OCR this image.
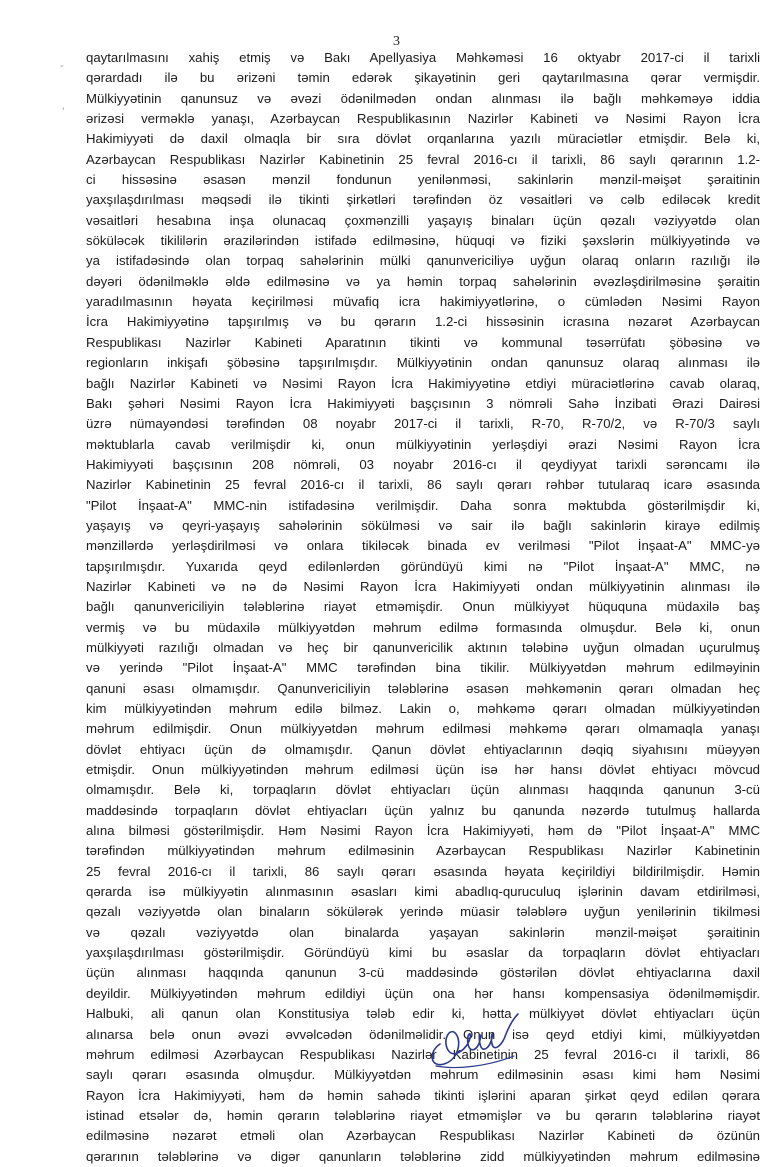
3
-
’
qaytarılmasını xahiş etmiş və Bakı Apellyasiya Məhkəməsi 16 oktyabr 2017-ci il tarixli
qərardadı ilə bu ərizəni təmin edərək şikayətinin geri qaytarılmasına qərar vermişdir.
Mülkiyyətinin qanunsuz və əvəzi ödənilmədən ondan alınması ilə bağlı məhkəməyə iddia
ərizəsi verməklə yanaşı, Azərbaycan Respublikasının Nazirlər Kabineti və Nəsimi Rayon İcra
Hakimiyyəti də daxil olmaqla bir sıra dövlət orqanlarına yazılı müraciətlər etmişdir. Belə ki,
Azərbaycan Respublikası Nazirlər Kabinetinin 25 fevral 2016-cı il tarixli, 86 saylı qərarının 1.2-
ci hissəsinə əsasən mənzil fondunun yenilənməsi, sakinlərin mənzil-məişət şəraitinin
yaxşılaşdırılması məqsədi ilə tikinti şirkətləri tərəfindən öz vəsaitləri və cəlb ediləcək kredit
vəsaitləri hesabına inşa olunacaq çoxmənzilli yaşayış binaları üçün qəzalı vəziyyətdə olan
söküləcək tikililərin ərazilərindən istifadə edilməsinə, hüquqi və fiziki şəxslərin mülkiyyətində və
ya istifadəsində olan torpaq sahələrinin mülki qanunvericiliyə uyğun olaraq onların razılığı ilə
dəyəri ödənilməklə əldə edilməsinə və ya həmin torpaq sahələrinin əvəzləşdirilməsinə şəraitin
yaradılmasının həyata keçirilməsi müvafiq icra hakimiyyətlərinə, o cümlədən Nəsimi Rayon
İcra Hakimiyyətinə tapşırılmış və bu qərarın 1.2-ci hissəsinin icrasına nəzarət Azərbaycan
Respublikası Nazirlər Kabineti Aparatının tikinti və kommunal təsərrüfatı şöbəsinə və
regionların inkişafı şöbəsinə tapşırılmışdır. Mülkiyyətinin ondan qanunsuz olaraq alınması ilə
bağlı Nazirlər Kabineti və Nəsimi Rayon İcra Hakimiyyətinə etdiyi müraciətlərinə cavab olaraq,
Bakı şəhəri Nəsimi Rayon İcra Hakimiyyəti başçısının 3 nömrəli Sahə İnzibati Ərazi Dairəsi
üzrə nümayəndəsi tərəfindən 08 noyabr 2017-ci il tarixli, R-70, R-70/2, və R-70/3 saylı
məktublarla cavab verilmişdir ki, onun mülkiyyətinin yerləşdiyi ərazi Nəsimi Rayon İcra
Hakimiyyəti başçısının 208 nömrəli, 03 noyabr 2016-cı il qeydiyyat tarixli sərəncamı ilə
Nazirlər Kabinetinin 25 fevral 2016-cı il tarixli, 86 saylı qərarı rəhbər tutularaq icarə əsasında
"Pilot İnşaat-A" MMC-nin istifadəsinə verilmişdir. Daha sonra məktubda göstərilmişdir ki,
yaşayış və qeyri-yaşayış sahələrinin sökülməsi və sair ilə bağlı sakinlərin kirayə edilmiş
mənzillərdə yerləşdirilməsi və onlara tikiləcək binada ev verilməsi "Pilot İnşaat-A" MMC-yə
tapşırılmışdır. Yuxarıda qeyd edilənlərdən göründüyü kimi nə "Pilot İnşaat-A" MMC, nə
Nazirlər Kabineti və nə də Nəsimi Rayon İcra Hakimiyyəti ondan mülkiyyətinin alınması ilə
bağlı qanunvericiliyin tələblərinə riayət etməmişdir. Onun mülkiyyət hüququna müdaxilə baş
vermiş və bu müdaxilə mülkiyyətdən məhrum edilmə formasında olmuşdur. Belə ki, onun
mülkiyyəti razılığı olmadan və heç bir qanunvericilik aktının tələbinə uyğun olmadan uçurulmuş
və yerində "Pilot İnşaat-A" MMC tərəfindən bina tikilir. Mülkiyyətdən məhrum edilməyinin
qanuni əsası olmamışdır. Qanunvericiliyin tələblərinə əsasən məhkəmənin qərarı olmadan heç
kim mülkiyyətindən məhrum edilə bilməz. Lakin o, məhkəmə qərarı olmadan mülkiyyətindən
məhrum edilmişdir. Onun mülkiyyətdən məhrum edilməsi məhkəmə qərarı olmamaqla yanaşı
dövlət ehtiyacı üçün də olmamışdır. Qanun dövlət ehtiyaclarının dəqiq siyahısını müəyyən
etmişdir. Onun mülkiyyətindən məhrum edilməsi üçün isə hər hansı dövlət ehtiyacı mövcud
olmamışdır. Belə ki, torpaqların dövlət ehtiyacları üçün alınması haqqında qanunun 3-cü
maddəsində torpaqların dövlət ehtiyacları üçün yalnız bu qanunda nəzərdə tutulmuş hallarda
alına bilməsi göstərilmişdir. Həm Nəsimi Rayon İcra Hakimiyyəti, həm də "Pilot İnşaat-A" MMC
tərəfindən mülkiyyətindən məhrum edilməsinin Azərbaycan Respublikası Nazirlər Kabinetinin
25 fevral 2016-cı il tarixli, 86 saylı qərarı əsasında həyata keçirildiyi bildirilmişdir. Həmin
qərarda isə mülkiyyətin alınmasının əsasları kimi abadlıq-quruculuq işlərinin davam etdirilməsi,
qəzalı vəziyyətdə olan binaların sökülərək yerində müasir tələblərə uyğun yenilərinin tikilməsi
və qəzalı vəziyyətdə olan binalarda yaşayan sakinlərin mənzil-məişət şəraitinin
yaxşılaşdırılması göstərilmişdir. Göründüyü kimi bu əsaslar da torpaqların dövlət ehtiyacları
üçün alınması haqqında qanunun 3-cü maddəsində göstərilən dövlət ehtiyaclarına daxil
deyildir. Mülkiyyətindən məhrum edildiyi üçün ona hər hansı kompensasiya ödənilməmişdir.
Halbuki, ali qanun olan Konstitusiya tələb edir ki, hətta mülkiyyət dövlət ehtiyacları üçün
alınarsa belə onun əvəzi əvvəlcədən ödənilməlidir. Onun isə qeyd etdiyi kimi, mülkiyyətdən
məhrum edilməsi Azərbaycan Respublikası Nazirlər Kabinetinin 25 fevral 2016-cı il tarixli, 86
saylı qərarı əsasında olmuşdur. Mülkiyyətdən məhrum edilməsinin əsası kimi həm Nəsimi
Rayon İcra Hakimiyyəti, həm də həmin sahədə tikinti işlərini aparan şirkət qeyd edilən qərara
istinad etsələr də, həmin qərarın tələblərinə riayət etməmişlər və bu qərarın tələblərinə riayət
edilməsinə nəzarət etməli olan Azərbaycan Respublikası Nazirlər Kabineti də özünün
qərarının tələblərinə və digər qanunların tələblərinə zidd mülkiyyətindən məhrum edilməsinə
